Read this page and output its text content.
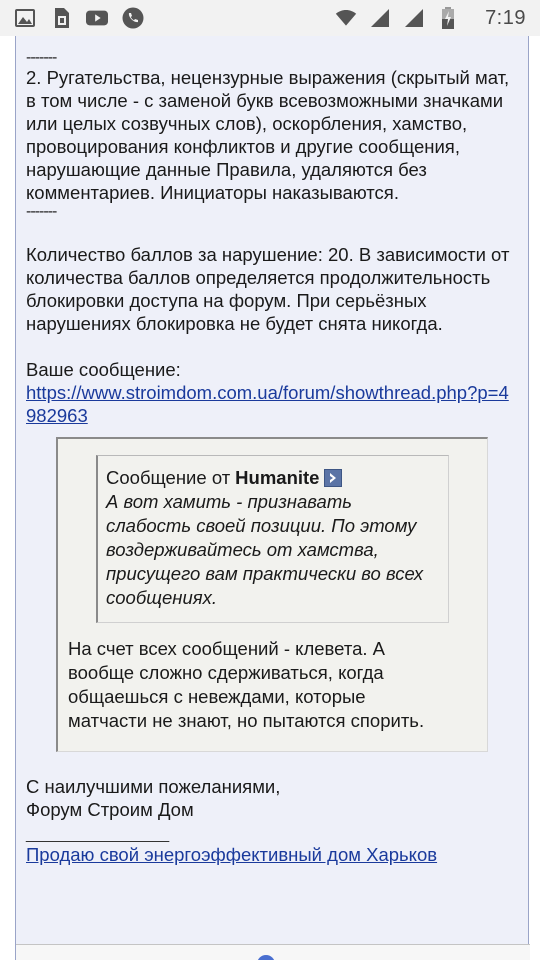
7:19
-------

2. Ругательства, нецензурные выражения (скрытый мат, в том числе - с заменой букв всевозможными значками или целых созвучных слов), оскорбления, хамство, провоцирования конфликтов и другие сообщения, нарушающие данные Правила, удаляются без комментариев. Инициаторы наказываются.

-------

Количество баллов за нарушение: 20. В зависимости от количества баллов определяется продолжительность блокировки доступа на форум. При серьёзных нарушениях блокировка не будет снята никогда.

Ваше сообщение:

https://www.stroimdom.com.ua/forum/showthread.php?p=4982963
Сообщение от Humanite
А вот хамить - признавать слабость своей позиции. По этому воздерживайтесь от хамства, присущего вам практически во всех сообщениях.
На счет всех сообщений - клевета. А вообще сложно сдерживаться, когда общаешься с невеждами, которые матчасти не знают, но пытаются спорить.

С наилучшими пожеланиями,

Форум Строим Дом

__________________
Продаю свой энергоэффективный дом Харьков
